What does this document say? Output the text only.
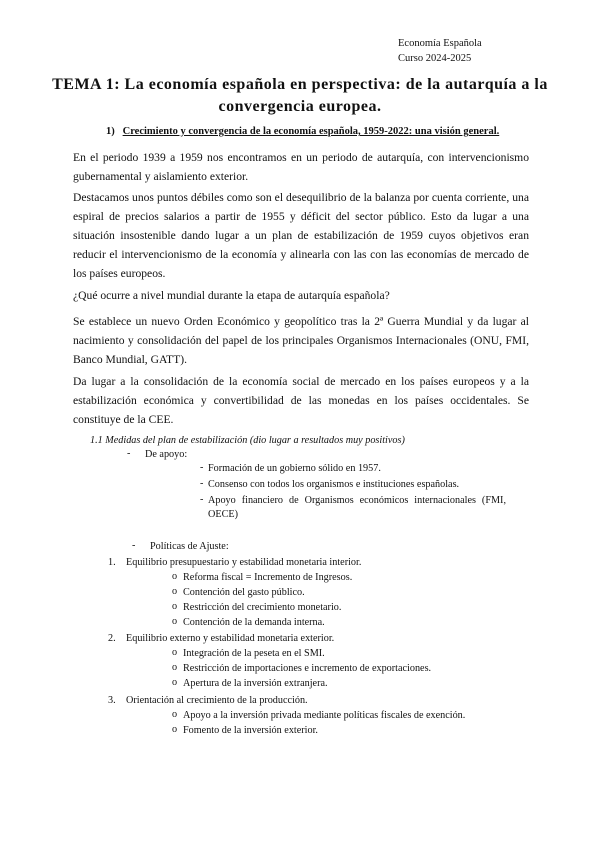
Economía Española
Curso 2024-2025
TEMA 1: La economía española en perspectiva: de la autarquía a la convergencia europea.
1) Crecimiento y convergencia de la economía española, 1959-2022: una visión general.
En el periodo 1939 a 1959 nos encontramos en un periodo de autarquía, con intervencionismo gubernamental y aislamiento exterior.
Destacamos unos puntos débiles como son el desequilibrio de la balanza por cuenta corriente, una espiral de precios salarios a partir de 1955 y déficit del sector público. Esto da lugar a una situación insostenible dando lugar a un plan de estabilización de 1959 cuyos objetivos eran reducir el intervencionismo de la economía y alinearla con las con las economías de mercado de los países europeos.
¿Qué ocurre a nivel mundial durante la etapa de autarquía española?
Se establece un nuevo Orden Económico y geopolítico tras la 2ª Guerra Mundial y da lugar al nacimiento y consolidación del papel de los principales Organismos Internacionales (ONU, FMI, Banco Mundial, GATT).
Da lugar a la consolidación de la economía social de mercado en los países europeos y a la estabilización económica y convertibilidad de las monedas en los países occidentales. Se constituye de la CEE.
1.1 Medidas del plan de estabilización (dio lugar a resultados muy positivos)
- De apoyo:
- Formación de un gobierno sólido en 1957.
- Consenso con todos los organismos e instituciones españolas.
- Apoyo financiero de Organismos económicos internacionales (FMI, OECE)
- Políticas de Ajuste:
1. Equilibrio presupuestario y estabilidad monetaria interior.
o Reforma fiscal = Incremento de Ingresos.
o Contención del gasto público.
o Restricción del crecimiento monetario.
o Contención de la demanda interna.
2. Equilibrio externo y estabilidad monetaria exterior.
o Integración de la peseta en el SMI.
o Restricción de importaciones e incremento de exportaciones.
o Apertura de la inversión extranjera.
3. Orientación al crecimiento de la producción.
o Apoyo a la inversión privada mediante políticas fiscales de exención.
o Fomento de la inversión exterior.
